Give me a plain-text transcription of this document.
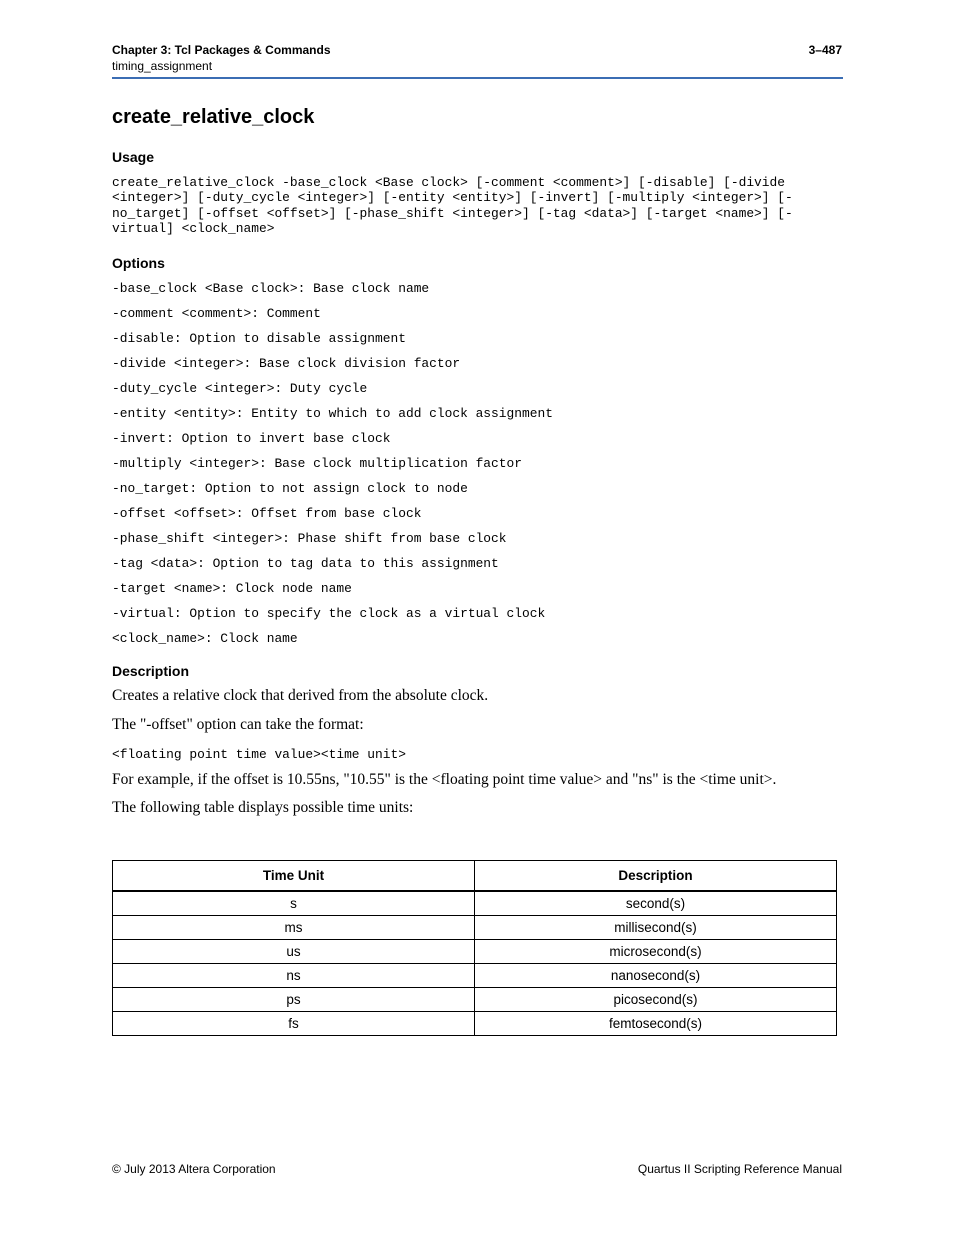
Chapter 3: Tcl Packages & Commands	3–487
timing_assignment
create_relative_clock
Usage
create_relative_clock -base_clock <Base clock> [-comment <comment>] [-disable] [-divide <integer>] [-duty_cycle <integer>] [-entity <entity>] [-invert] [-multiply <integer>] [-no_target] [-offset <offset>] [-phase_shift <integer>] [-tag <data>] [-target <name>] [-virtual] <clock_name>
Options
-base_clock <Base clock>: Base clock name
-comment <comment>: Comment
-disable: Option to disable assignment
-divide <integer>: Base clock division factor
-duty_cycle <integer>: Duty cycle
-entity <entity>: Entity to which to add clock assignment
-invert: Option to invert base clock
-multiply <integer>: Base clock multiplication factor
-no_target: Option to not assign clock to node
-offset <offset>: Offset from base clock
-phase_shift <integer>: Phase shift from base clock
-tag <data>: Option to tag data to this assignment
-target <name>: Clock node name
-virtual: Option to specify the clock as a virtual clock
<clock_name>: Clock name
Description
Creates a relative clock that derived from the absolute clock.
The "-offset" option can take the format:
<floating point time value><time unit>
For example, if the offset is 10.55ns, "10.55" is the <floating point time value> and "ns" is the <time unit>.
The following table displays possible time units:
Time Unit	Description
s	second(s)
ms	millisecond(s)
us	microsecond(s)
ns	nanosecond(s)
ps	picosecond(s)
fs	femtosecond(s)
© July 2013 Altera Corporation	Quartus II Scripting Reference Manual
